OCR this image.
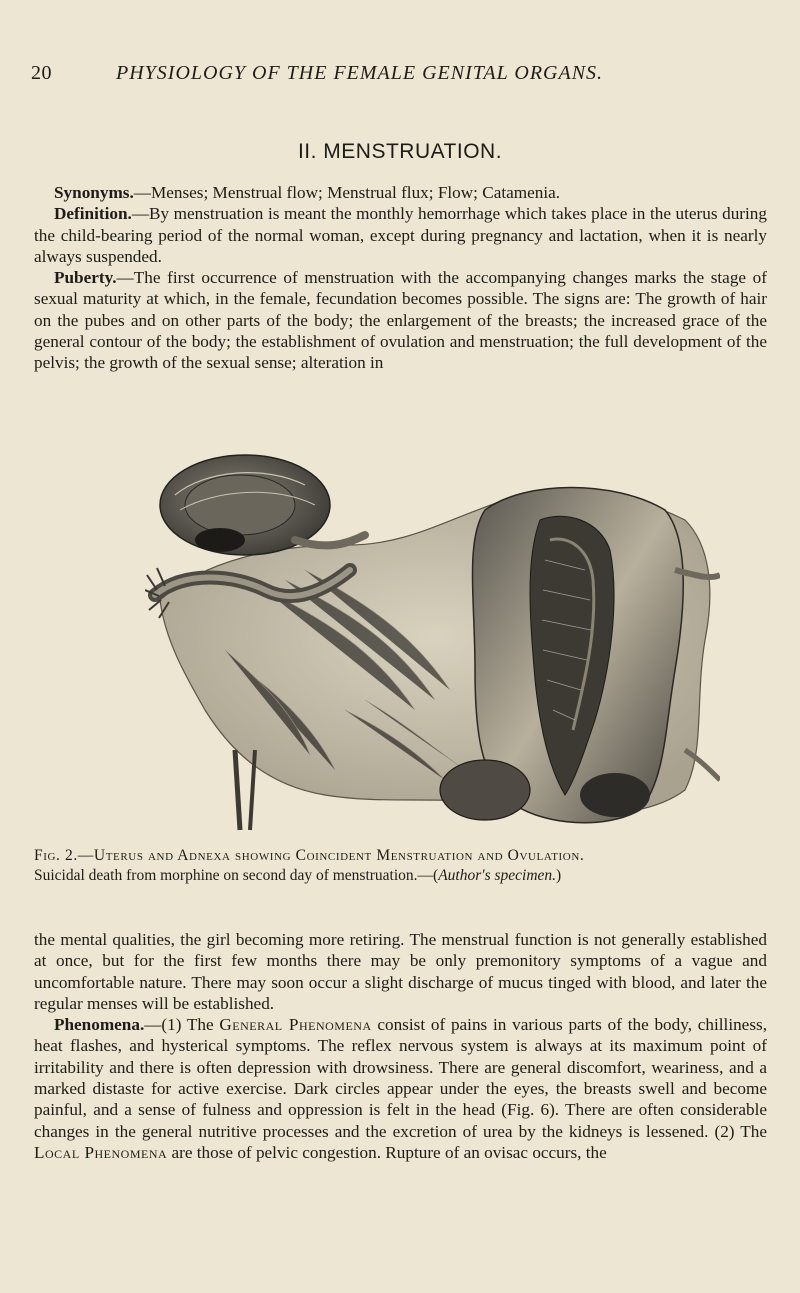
20	PHYSIOLOGY OF THE FEMALE GENITAL ORGANS.
II. MENSTRUATION.

Synonyms.—Menses; Menstrual flow; Menstrual flux; Flow; Catamenia.

Definition.—By menstruation is meant the monthly hemorrhage which takes place in the uterus during the child-bearing period of the normal woman, except during pregnancy and lactation, when it is nearly always suspended.

Puberty.—The first occurrence of menstruation with the accompanying changes marks the stage of sexual maturity at which, in the female, fecundation becomes possible. The signs are: The growth of hair on the pubes and on other parts of the body; the enlargement of the breasts; the increased grace of the general contour of the body; the establishment of ovulation and menstruation; the full development of the pelvis; the growth of the sexual sense; alteration in

Fig. 2.—Uterus and Adnexa showing Coincident Menstruation and Ovulation.
Suicidal death from morphine on second day of menstruation.—(Author's specimen.)

the mental qualities, the girl becoming more retiring. The menstrual function is not generally established at once, but for the first few months there may be only premonitory symptoms of a vague and uncomfortable nature. There may soon occur a slight discharge of mucus tinged with blood, and later the regular menses will be established.

Phenomena.—(1) The General Phenomena consist of pains in various parts of the body, chilliness, heat flashes, and hysterical symptoms. The reflex nervous system is always at its maximum point of irritability and there is often depression with drowsiness. There are general discomfort, weariness, and a marked distaste for active exercise. Dark circles appear under the eyes, the breasts swell and become painful, and a sense of fulness and oppression is felt in the head (Fig. 6). There are often considerable changes in the general nutritive processes and the excretion of urea by the kidneys is lessened. (2) The Local Phenomena are those of pelvic congestion. Rupture of an ovisac occurs, the
